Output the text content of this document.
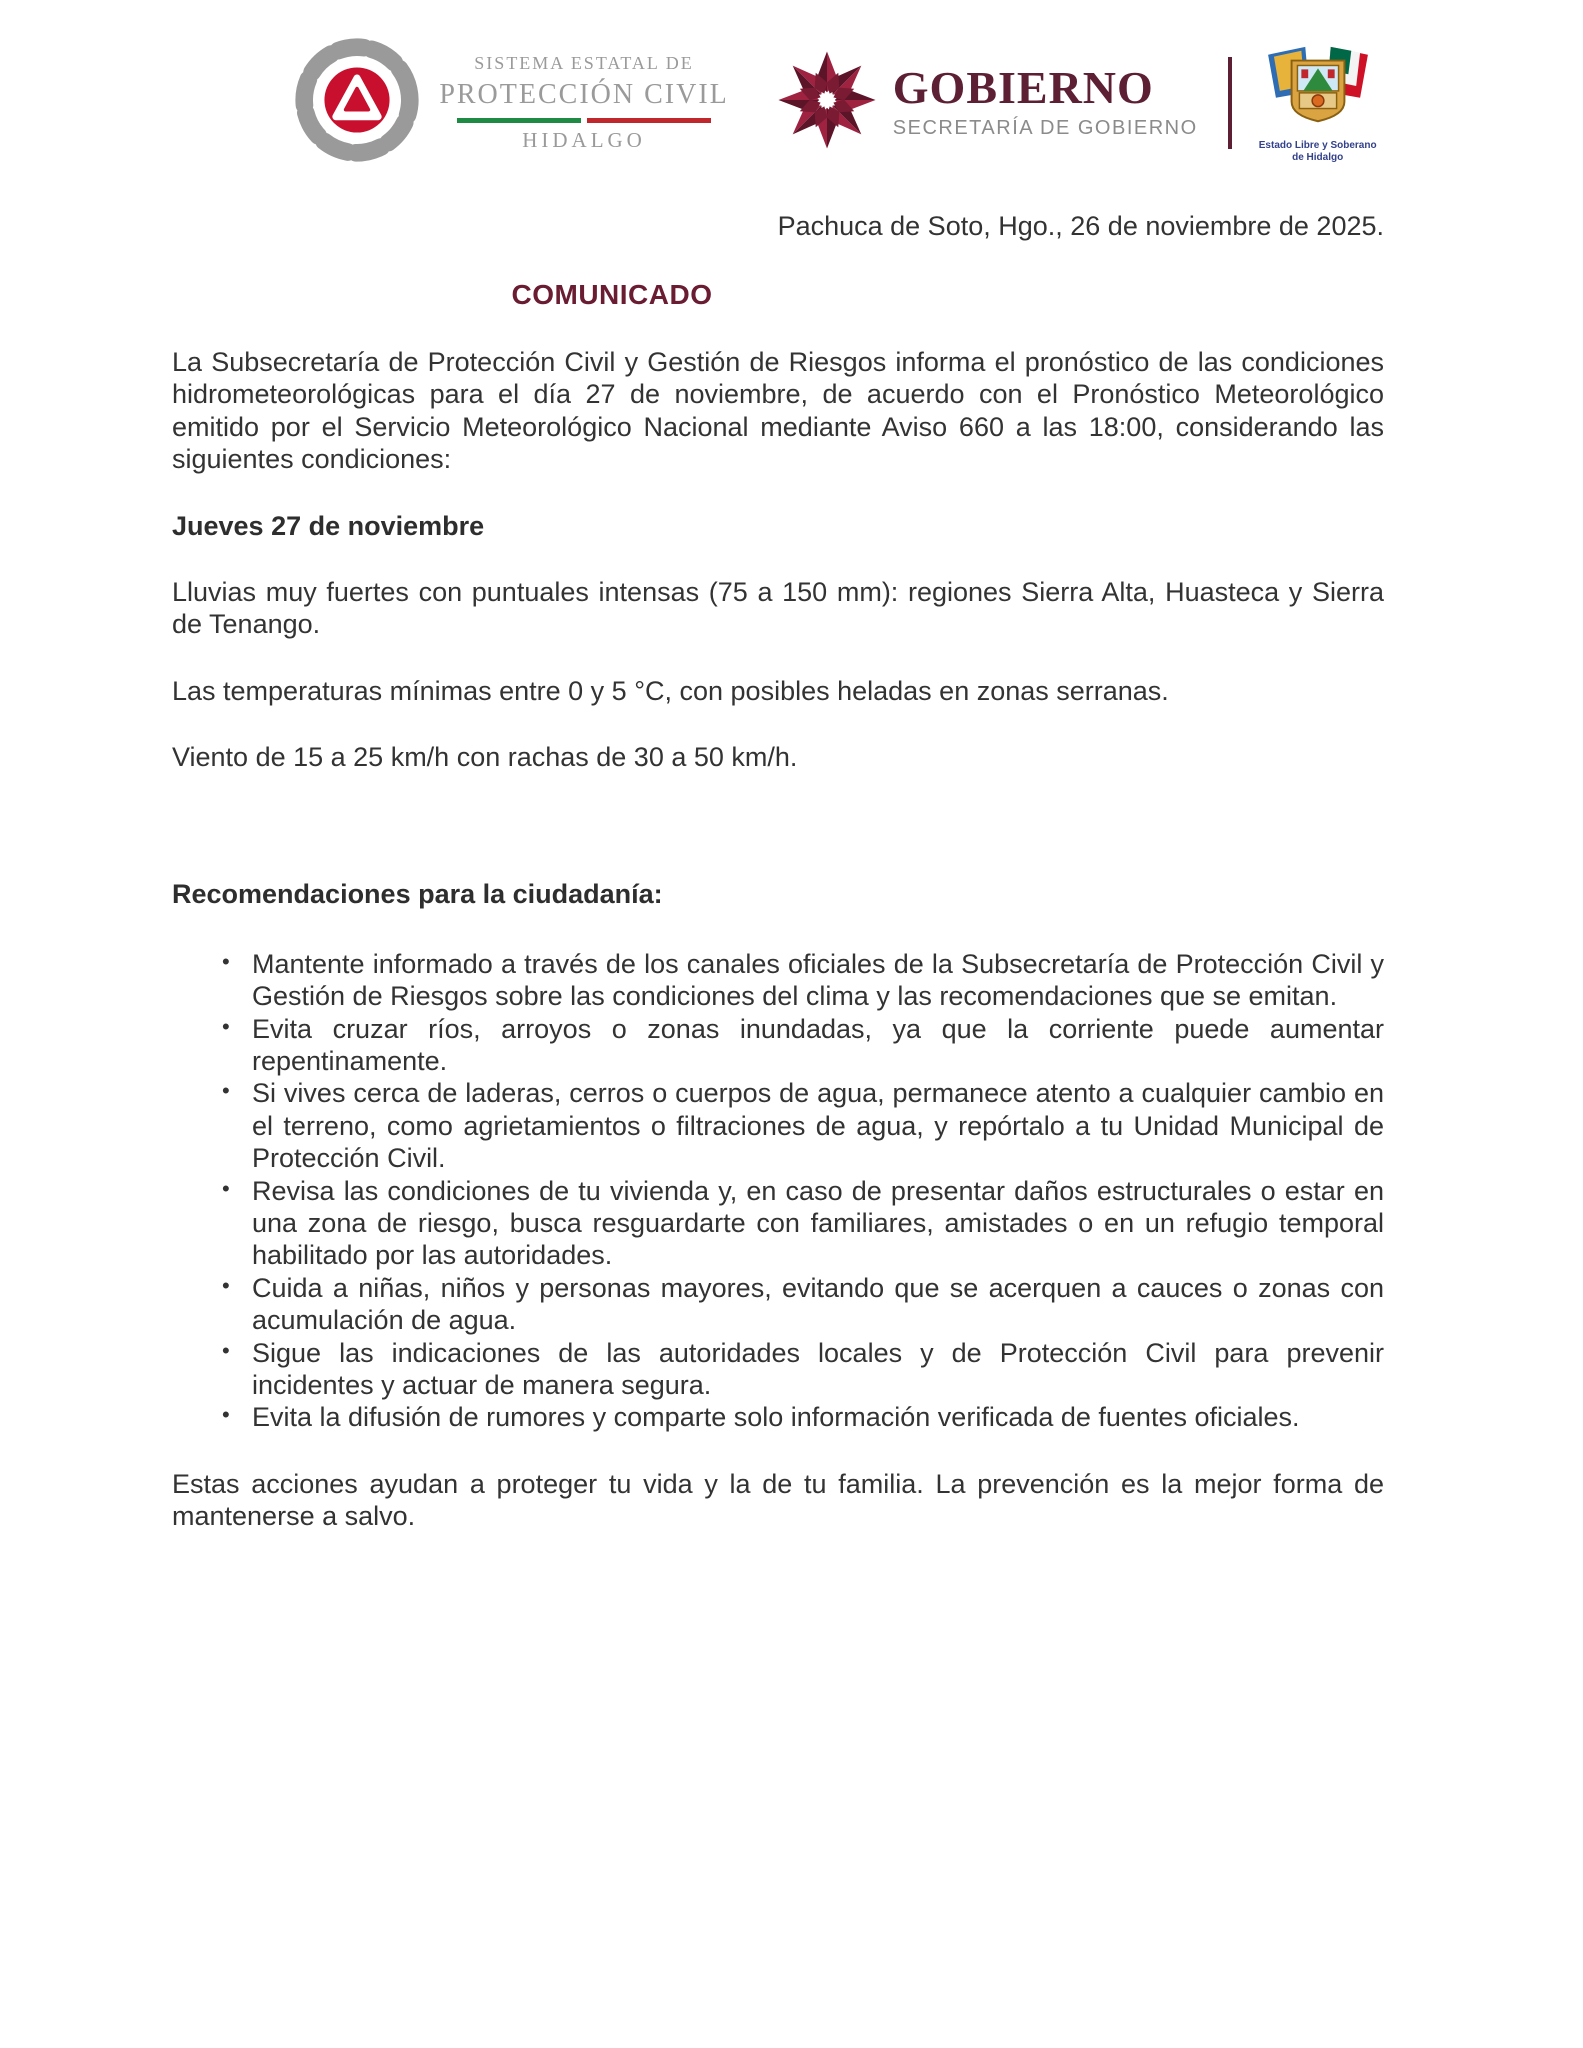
SISTEMA ESTATAL DE
PROTECCIÓN CIVIL
HIDALGO
GOBIERNO
SECRETARÍA DE GOBIERNO
Estado Libre y Soberano
de Hidalgo

Pachuca de Soto, Hgo., 26 de noviembre de 2025.

COMUNICADO

La Subsecretaría de Protección Civil y Gestión de Riesgos informa el pronóstico de las condiciones hidrometeorológicas para el día 27 de noviembre, de acuerdo con el Pronóstico Meteorológico emitido por el Servicio Meteorológico Nacional mediante Aviso 660 a las 18:00, considerando las siguientes condiciones:

Jueves 27 de noviembre

Lluvias muy fuertes con puntuales intensas (75 a 150 mm): regiones Sierra Alta, Huasteca y Sierra de Tenango.

Las temperaturas mínimas entre 0 y 5 °C, con posibles heladas en zonas serranas.

Viento de 15 a 25 km/h con rachas de 30 a 50 km/h.

Recomendaciones para la ciudadanía:
• Mantente informado a través de los canales oficiales de la Subsecretaría de Protección Civil y Gestión de Riesgos sobre las condiciones del clima y las recomendaciones que se emitan.
• Evita cruzar ríos, arroyos o zonas inundadas, ya que la corriente puede aumentar repentinamente.
• Si vives cerca de laderas, cerros o cuerpos de agua, permanece atento a cualquier cambio en el terreno, como agrietamientos o filtraciones de agua, y repórtalo a tu Unidad Municipal de Protección Civil.
• Revisa las condiciones de tu vivienda y, en caso de presentar daños estructurales o estar en una zona de riesgo, busca resguardarte con familiares, amistades o en un refugio temporal habilitado por las autoridades.
• Cuida a niñas, niños y personas mayores, evitando que se acerquen a cauces o zonas con acumulación de agua.
• Sigue las indicaciones de las autoridades locales y de Protección Civil para prevenir incidentes y actuar de manera segura.
• Evita la difusión de rumores y comparte solo información verificada de fuentes oficiales.

Estas acciones ayudan a proteger tu vida y la de tu familia. La prevención es la mejor forma de mantenerse a salvo.
